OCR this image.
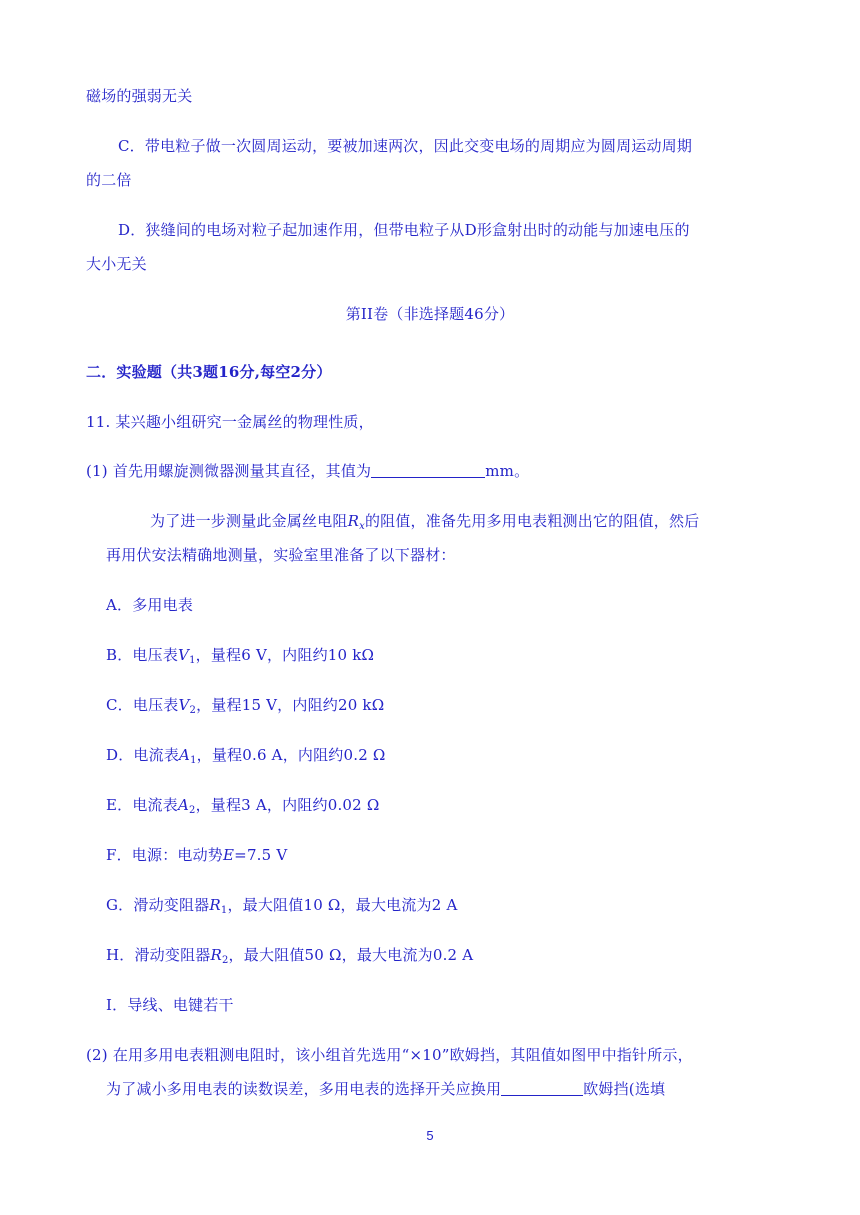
磁场的强弱无关
C．带电粒子做一次圆周运动，要被加速两次，因此交变电场的周期应为圆周运动周期
的二倍
D．狭缝间的电场对粒子起加速作用，但带电粒子从D形盒射出时的动能与加速电压的
大小无关
第II卷（非选择题46分）
二．实验题（共3题16分,每空2分）
11. 某兴趣小组研究一金属丝的物理性质，
(1) 首先用螺旋测微器测量其直径，其值为	mm。
为了进一步测量此金属丝电阻$R_x$的阻值，准备先用多用电表粗测出它的阻值，然后
再用伏安法精确地测量，实验室里准备了以下器材：
A．多用电表
B．电压表$V_1$，量程6 V，内阻约10 kΩ
C．电压表$V_2$，量程15 V，内阻约20 kΩ
D．电流表$A_1$，量程0.6 A，内阻约0.2 Ω
E．电流表$A_2$，量程3 A，内阻约0.02 Ω
F．电源：电动势E=7.5 V
G．滑动变阻器$R_1$，最大阻值10 Ω，最大电流为2 A
H．滑动变阻器$R_2$，最大阻值50 Ω，最大电流为0.2 A
I．导线、电键若干
(2) 在用多用电表粗测电阻时，该小组首先选用“×10”欧姆挡，其阻值如图甲中指针所示，
为了减小多用电表的读数误差，多用电表的选择开关应换用	欧姆挡(选填
5
